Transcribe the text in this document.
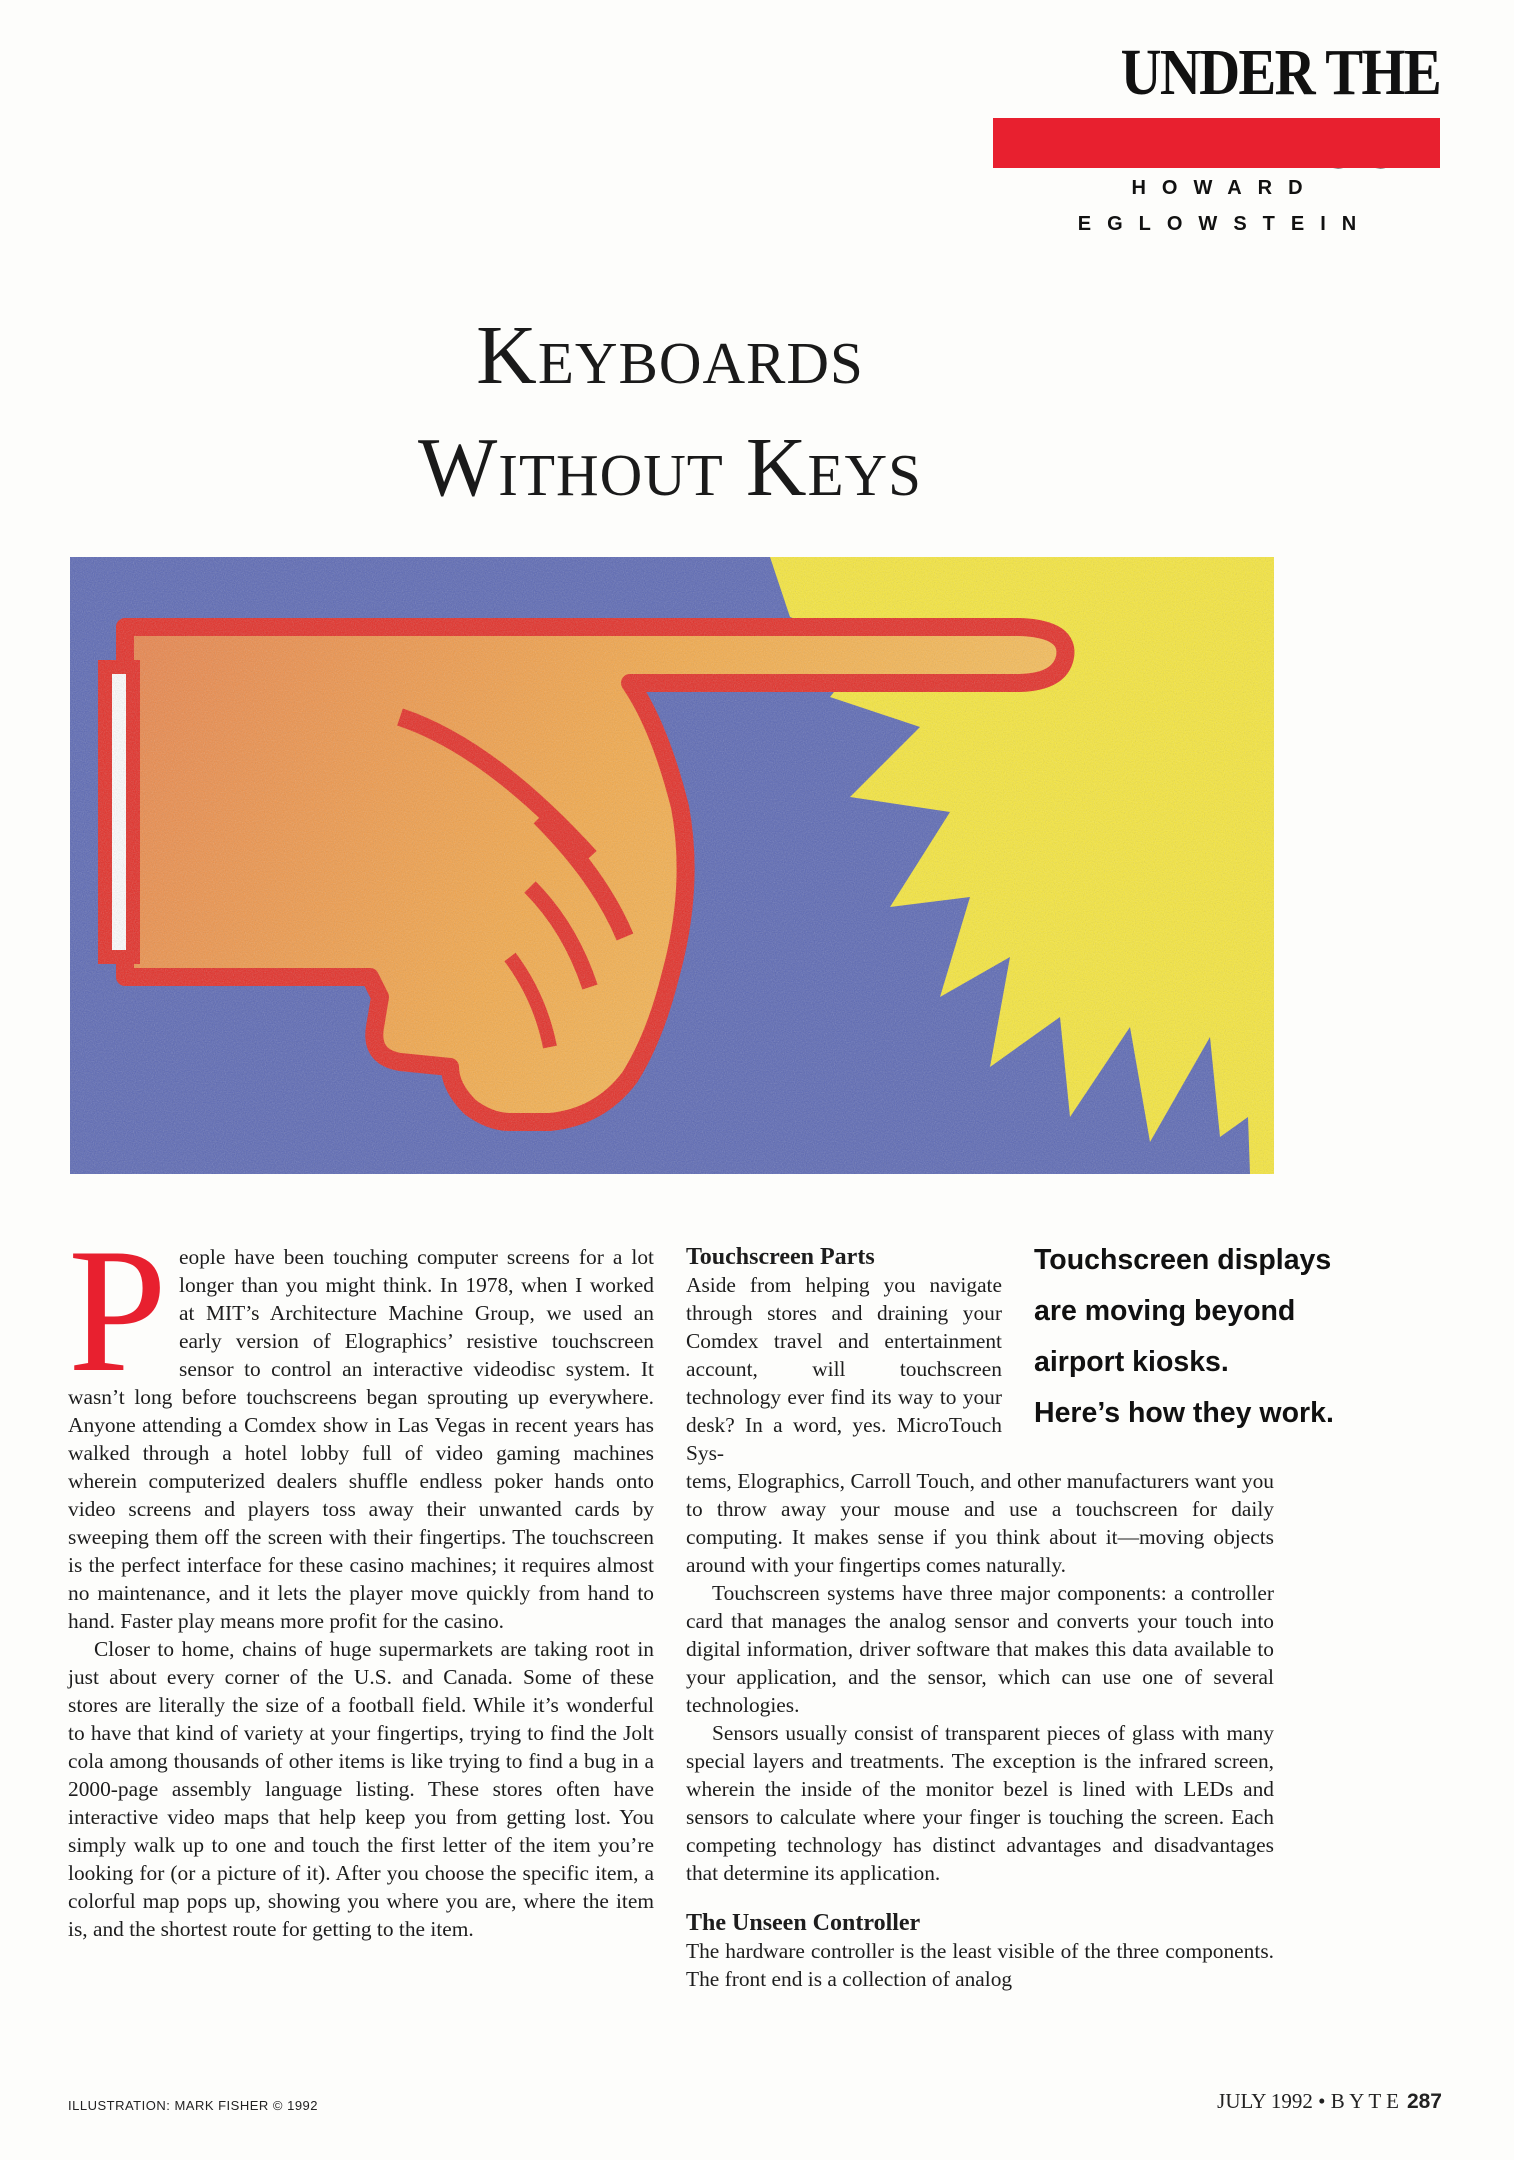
UNDER THE
HOWARD
EGLOWSTEIN
Keyboards
Without Keys
P eople have been touching computer screens for a lot longer than you might think. In 1978, when I worked at MIT’s Architecture Machine Group, we used an early version of Elographics’ resistive touchscreen sensor to control an interactive videodisc system. It wasn’t long before touchscreens began sprouting up everywhere. Anyone attending a Comdex show in Las Vegas in recent years has walked through a hotel lobby full of video gaming machines wherein computerized dealers shuffle endless poker hands onto video screens and players toss away their unwanted cards by sweeping them off the screen with their fingertips. The touchscreen is the perfect interface for these casino machines; it requires almost no maintenance, and it lets the player move quickly from hand to hand. Faster play means more profit for the casino.

Closer to home, chains of huge supermarkets are taking root in just about every corner of the U.S. and Canada. Some of these stores are literally the size of a football field. While it’s wonderful to have that kind of variety at your fingertips, trying to find the Jolt cola among thousands of other items is like trying to find a bug in a 2000-page assembly language listing. These stores often have interactive video maps that help keep you from getting lost. You simply walk up to one and touch the first letter of the item you’re looking for (or a picture of it). After you choose the specific item, a colorful map pops up, showing you where you are, where the item is, and the shortest route for getting to the item.

Touchscreen Parts

Aside from helping you navigate through stores and draining your Comdex travel and entertainment account, will touchscreen technology ever find its way to your desk? In a word, yes. MicroTouch Sys-

tems, Elographics, Carroll Touch, and other manufacturers want you to throw away your mouse and use a touchscreen for daily computing. It makes sense if you think about it—moving objects around with your fingertips comes naturally.

Touchscreen systems have three major components: a controller card that manages the analog sensor and converts your touch into digital information, driver software that makes this data available to your application, and the sensor, which can use one of several technologies.

Sensors usually consist of transparent pieces of glass with many special layers and treatments. The exception is the infrared screen, wherein the inside of the monitor bezel is lined with LEDs and sensors to calculate where your finger is touching the screen. Each competing technology has distinct advantages and disadvantages that determine its application.

The Unseen Controller

The hardware controller is the least visible of the three components. The front end is a collection of analog

Touchscreen displays
are moving beyond
airport kiosks.
Here’s how they work.
ILLUSTRATION: MARK FISHER © 1992	JULY 1992 • B Y T E 287
